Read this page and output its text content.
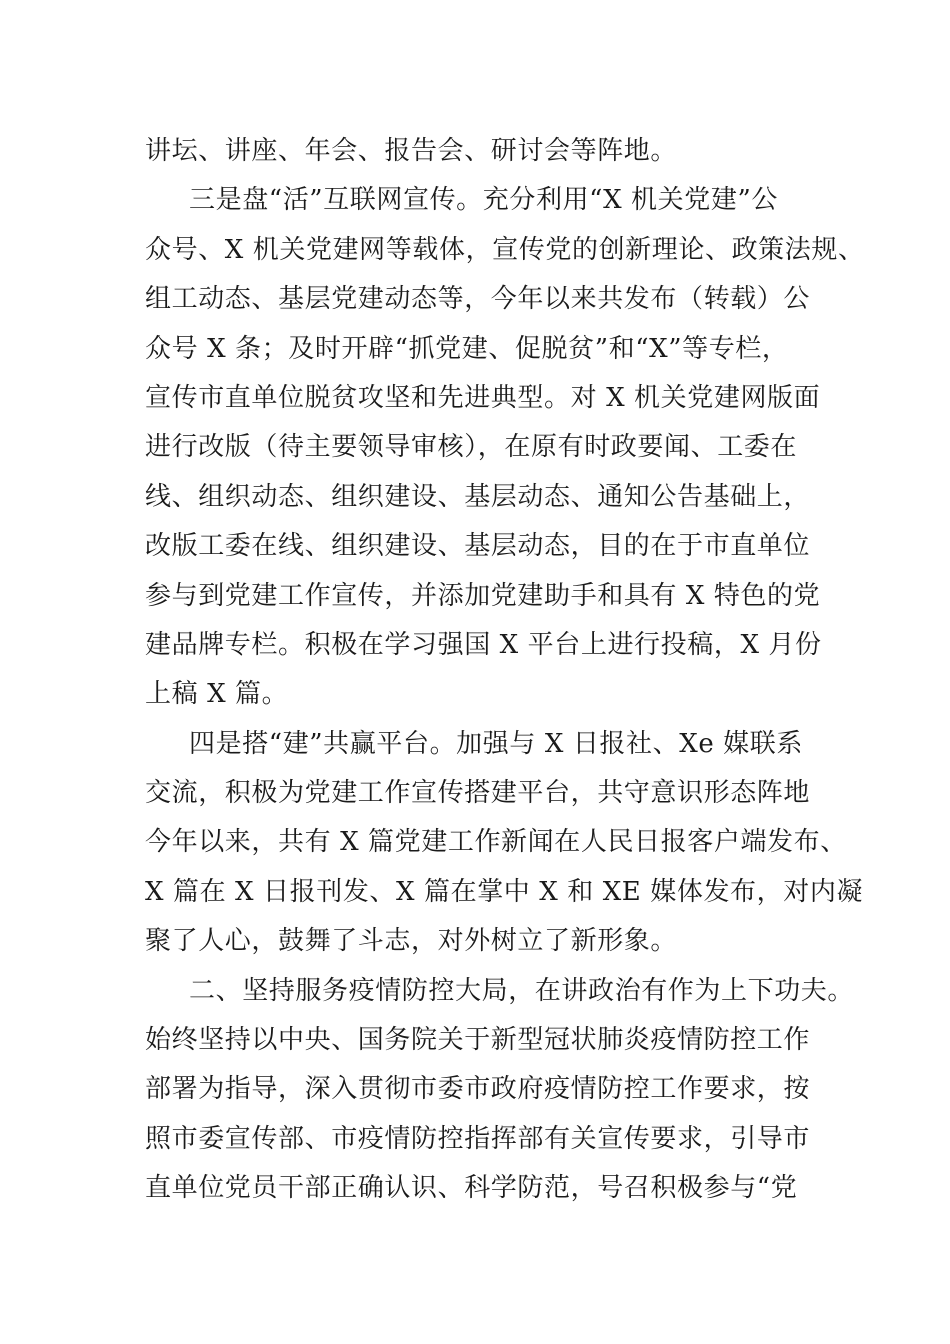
讲坛、讲座、年会、报告会、研讨会等阵地。
三是盘“活”互联网宣传。充分利用“X 机关党建”公
众号、X 机关党建网等载体，宣传党的创新理论、政策法规、
组工动态、基层党建动态等，今年以来共发布（转载）公
众号 X 条；及时开辟“抓党建、促脱贫”和“X”等专栏，
宣传市直单位脱贫攻坚和先进典型。对 X 机关党建网版面
进行改版（待主要领导审核），在原有时政要闻、工委在
线、组织动态、组织建设、基层动态、通知公告基础上，
改版工委在线、组织建设、基层动态，目的在于市直单位
参与到党建工作宣传，并添加党建助手和具有 X 特色的党
建品牌专栏。积极在学习强国 X 平台上进行投稿，X 月份
上稿 X 篇。
四是搭“建”共赢平台。加强与 X 日报社、Xe 媒联系
交流，积极为党建工作宣传搭建平台，共守意识形态阵地
今年以来，共有 X 篇党建工作新闻在人民日报客户端发布、
X 篇在 X 日报刊发、X 篇在掌中 X 和 XE 媒体发布，对内凝
聚了人心，鼓舞了斗志，对外树立了新形象。
二、坚持服务疫情防控大局，在讲政治有作为上下功夫。
始终坚持以中央、国务院关于新型冠状肺炎疫情防控工作
部署为指导，深入贯彻市委市政府疫情防控工作要求，按
照市委宣传部、市疫情防控指挥部有关宣传要求，引导市
直单位党员干部正确认识、科学防范，号召积极参与“党
